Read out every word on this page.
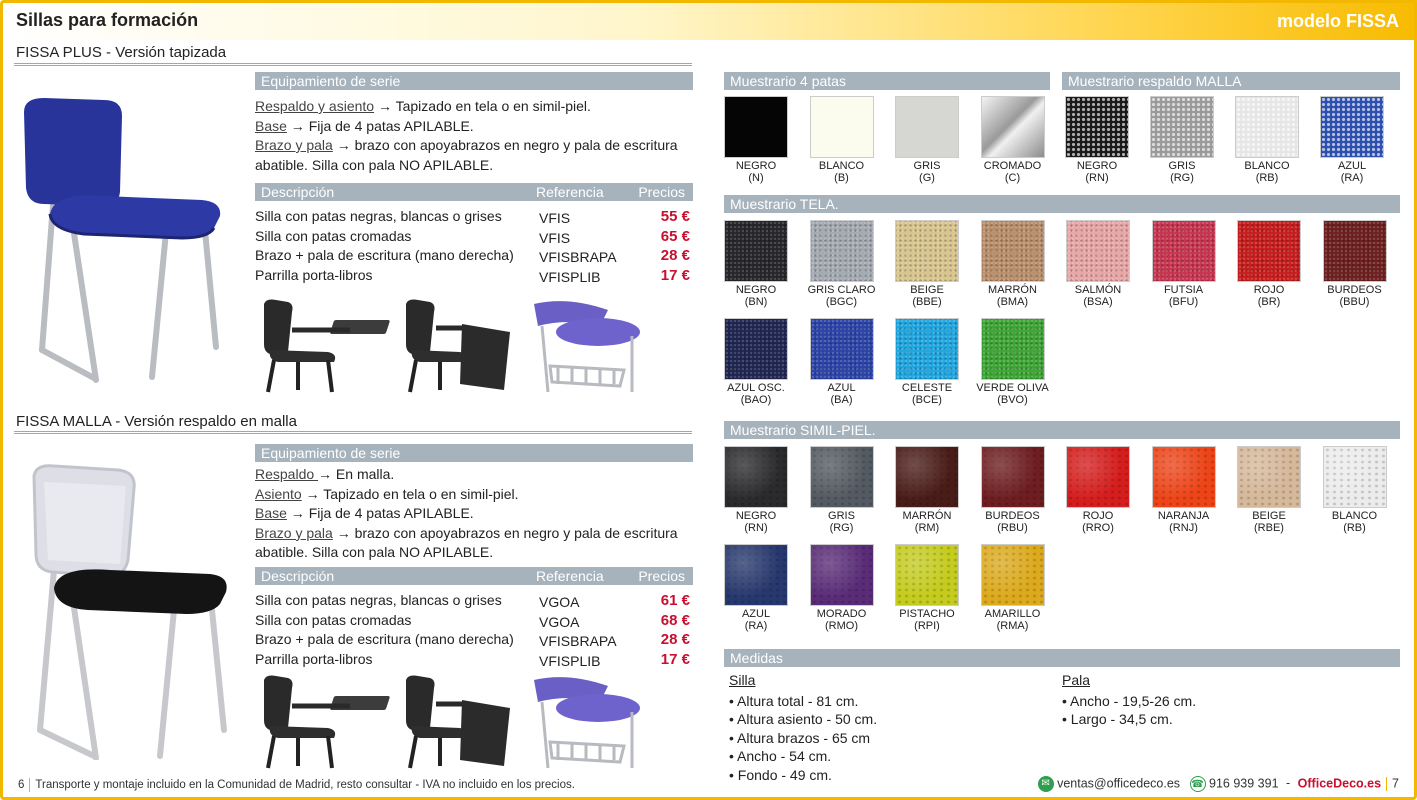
Sillas para formación	modelo FISSA
FISSA PLUS - Versión tapizada
Equipamiento de serie
Respaldo y asiento → Tapizado en tela o en simil-piel.
Base → Fija de 4 patas APILABLE.
Brazo y pala → brazo con apoyabrazos en negro y pala de escritura abatible. Silla con pala NO APILABLE.
Descripción	Referencia Precios
Silla con patas negras, blancas o grises	VFIS	55 €
Silla con patas cromadas	VFIS	65 €
Brazo + pala de escritura (mano derecha) VFISBRAPA	28 €
Parrilla porta-libros	VFISPLIB	17 €
FISSA MALLA - Versión respaldo en malla
Equipamiento de serie
Respaldo → En malla.
Asiento → Tapizado en tela o en simil-piel.
Base → Fija de 4 patas APILABLE.
Brazo y pala → brazo con apoyabrazos en negro y pala de escritura abatible. Silla con pala NO APILABLE.
Descripción	Referencia Precios
Silla con patas negras, blancas o grises	VGOA	61 €
Silla con patas cromadas	VGOA	68 €
Brazo + pala de escritura (mano derecha) VFISBRAPA	28 €
Parrilla porta-libros	VFISPLIB	17 €
Muestrario 4 patas	Muestrario respaldo MALLA
NEGRO
(N)
BLANCO
(B)
GRIS
(G)
CROMADO
(C)
NEGRO
(RN)
GRIS
(RG)
BLANCO
(RB)
AZUL
(RA)
Muestrario TELA.
NEGRO
(BN)
GRIS CLARO
(BGC)
BEIGE
(BBE)
MARRÓN
(BMA)
SALMÓN
(BSA)
FUTSIA
(BFU)
ROJO
(BR)
BURDEOS
(BBU)
AZUL OSC.
(BAO)
AZUL
(BA)
CELESTE
(BCE)
VERDE OLIVA
(BVO)
Muestrario SIMIL-PIEL.
NEGRO
(RN)
GRIS
(RG)
MARRÓN
(RM)
BURDEOS
(RBU)
ROJO
(RRO)
NARANJA
(RNJ)
BEIGE
(RBE)
BLANCO
(RB)
AZUL
(RA)
MORADO
(RMO)
PISTACHO
(RPI)
AMARILLO
(RMA)
Medidas
Silla
• Altura total - 81 cm.
• Altura asiento - 50 cm.
• Altura brazos - 65 cm
• Ancho - 54 cm.
• Fondo - 49 cm.
Pala
• Ancho - 19,5-26 cm.
• Largo - 34,5 cm.
6 Transporte y montaje incluido en la Comunidad de Madrid, resto consultar - IVA no incluido en los precios.	✉ ventas@officedeco.es ☎ 916 939 391 - OfficeDeco.es 7
